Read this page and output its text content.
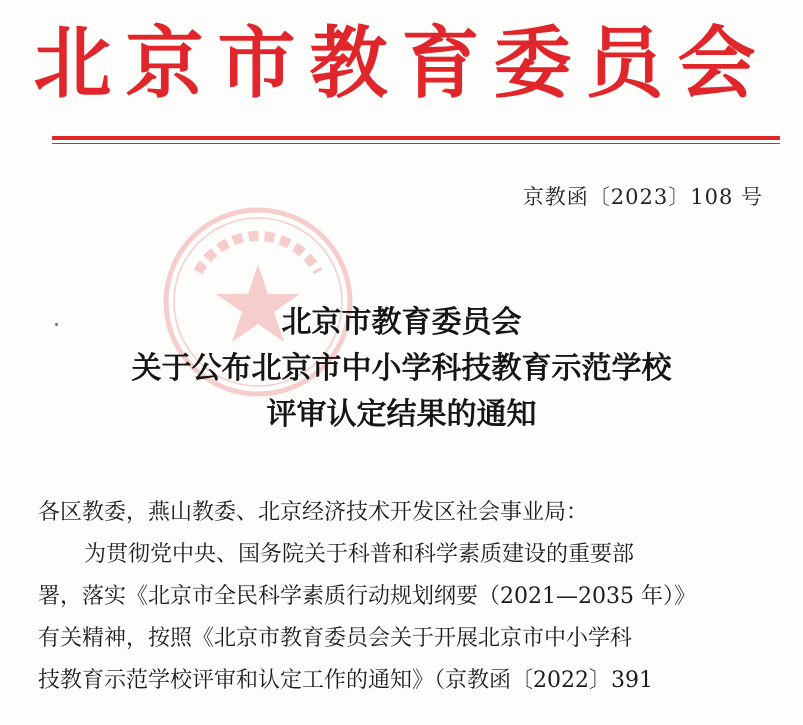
北京市教育委员会
京教函〔2023〕108 号
北京市教育委员会
关于公布北京市中小学科技教育示范学校
评审认定结果的通知
各区教委，燕山教委、北京经济技术开发区社会事业局：
为贯彻党中央、国务院关于科普和科学素质建设的重要部
署，落实《北京市全民科学素质行动规划纲要（2021—2035 年）》
有关精神，按照《北京市教育委员会关于开展北京市中小学科
技教育示范学校评审和认定工作的通知》（京教函〔2022〕391
